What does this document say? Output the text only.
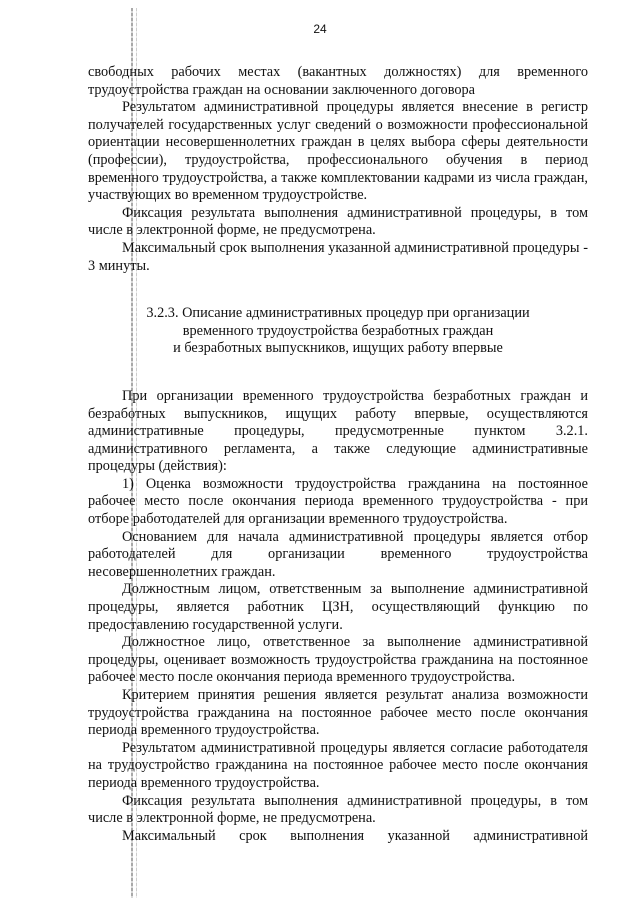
24

свободных рабочих местах (вакантных должностях) для временного трудоустройства граждан на основании заключенного договора

Результатом административной процедуры является внесение в регистр получателей государственных услуг сведений о возможности профессиональной ориентации несовершеннолетних граждан в целях выбора сферы деятельности (профессии), трудоустройства, профессионального обучения в период временного трудоустройства, а также комплектовании кадрами из числа граждан, участвующих во временном трудоустройстве.

Фиксация результата выполнения административной процедуры, в том числе в электронной форме, не предусмотрена.

Максимальный срок выполнения указанной административной процедуры - 3 минуты.

3.2.3. Описание административных процедур при организации
временного трудоустройства безработных граждан
и безработных выпускников, ищущих работу впервые

При организации временного трудоустройства безработных граждан и безработных выпускников, ищущих работу впервые, осуществляются административные процедуры, предусмотренные пунктом 3.2.1. административного регламента, а также следующие административные процедуры (действия):

1) Оценка возможности трудоустройства гражданина на постоянное рабочее место после окончания периода временного трудоустройства - при отборе работодателей для организации временного трудоустройства.

Основанием для начала административной процедуры является отбор работодателей для организации временного трудоустройства несовершеннолетних граждан.

Должностным лицом, ответственным за выполнение административной процедуры, является работник ЦЗН, осуществляющий функцию по предоставлению государственной услуги.

Должностное лицо, ответственное за выполнение административной процедуры, оценивает возможность трудоустройства гражданина на постоянное рабочее место после окончания периода временного трудоустройства.

Критерием принятия решения является результат анализа возможности трудоустройства гражданина на постоянное рабочее место после окончания периода временного трудоустройства.

Результатом административной процедуры является согласие работодателя на трудоустройство гражданина на постоянное рабочее место после окончания периода временного трудоустройства.

Фиксация результата выполнения административной процедуры, в том числе в электронной форме, не предусмотрена.

Максимальный срок выполнения указанной административной
